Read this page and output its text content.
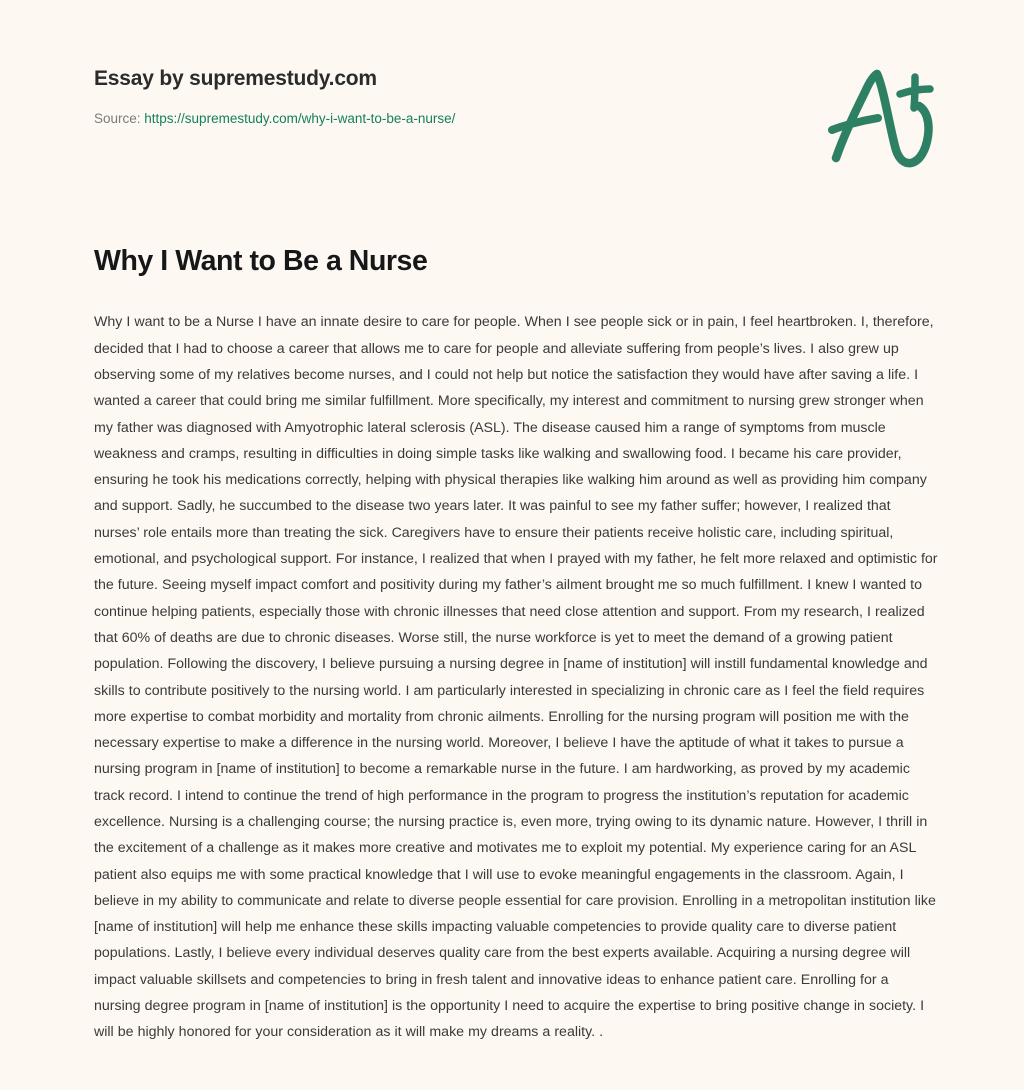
Essay by supremestudy.com
Source: https://supremestudy.com/why-i-want-to-be-a-nurse/
Why I Want to Be a Nurse

Why I want to be a Nurse I have an innate desire to care for people. When I see people sick or in pain, I feel heartbroken. I, therefore, decided that I had to choose a career that allows me to care for people and alleviate suffering from people’s lives. I also grew up observing some of my relatives become nurses, and I could not help but notice the satisfaction they would have after saving a life. I wanted a career that could bring me similar fulfillment. More specifically, my interest and commitment to nursing grew stronger when my father was diagnosed with Amyotrophic lateral sclerosis (ASL). The disease caused him a range of symptoms from muscle weakness and cramps, resulting in difficulties in doing simple tasks like walking and swallowing food. I became his care provider, ensuring he took his medications correctly, helping with physical therapies like walking him around as well as providing him company and support. Sadly, he succumbed to the disease two years later. It was painful to see my father suffer; however, I realized that nurses’ role entails more than treating the sick. Caregivers have to ensure their patients receive holistic care, including spiritual, emotional, and psychological support. For instance, I realized that when I prayed with my father, he felt more relaxed and optimistic for the future. Seeing myself impact comfort and positivity during my father’s ailment brought me so much fulfillment. I knew I wanted to continue helping patients, especially those with chronic illnesses that need close attention and support. From my research, I realized that 60% of deaths are due to chronic diseases. Worse still, the nurse workforce is yet to meet the demand of a growing patient population. Following the discovery, I believe pursuing a nursing degree in [name of institution] will instill fundamental knowledge and skills to contribute positively to the nursing world. I am particularly interested in specializing in chronic care as I feel the field requires more expertise to combat morbidity and mortality from chronic ailments. Enrolling for the nursing program will position me with the necessary expertise to make a difference in the nursing world. Moreover, I believe I have the aptitude of what it takes to pursue a nursing program in [name of institution] to become a remarkable nurse in the future. I am hardworking, as proved by my academic track record. I intend to continue the trend of high performance in the program to progress the institution’s reputation for academic excellence. Nursing is a challenging course; the nursing practice is, even more, trying owing to its dynamic nature. However, I thrill in the excitement of a challenge as it makes more creative and motivates me to exploit my potential. My experience caring for an ASL patient also equips me with some practical knowledge that I will use to evoke meaningful engagements in the classroom. Again, I believe in my ability to communicate and relate to diverse people essential for care provision. Enrolling in a metropolitan institution like [name of institution] will help me enhance these skills impacting valuable competencies to provide quality care to diverse patient populations. Lastly, I believe every individual deserves quality care from the best experts available. Acquiring a nursing degree will impact valuable skillsets and competencies to bring in fresh talent and innovative ideas to enhance patient care. Enrolling for a nursing degree program in [name of institution] is the opportunity I need to acquire the expertise to bring positive change in society. I will be highly honored for your consideration as it will make my dreams a reality. .
